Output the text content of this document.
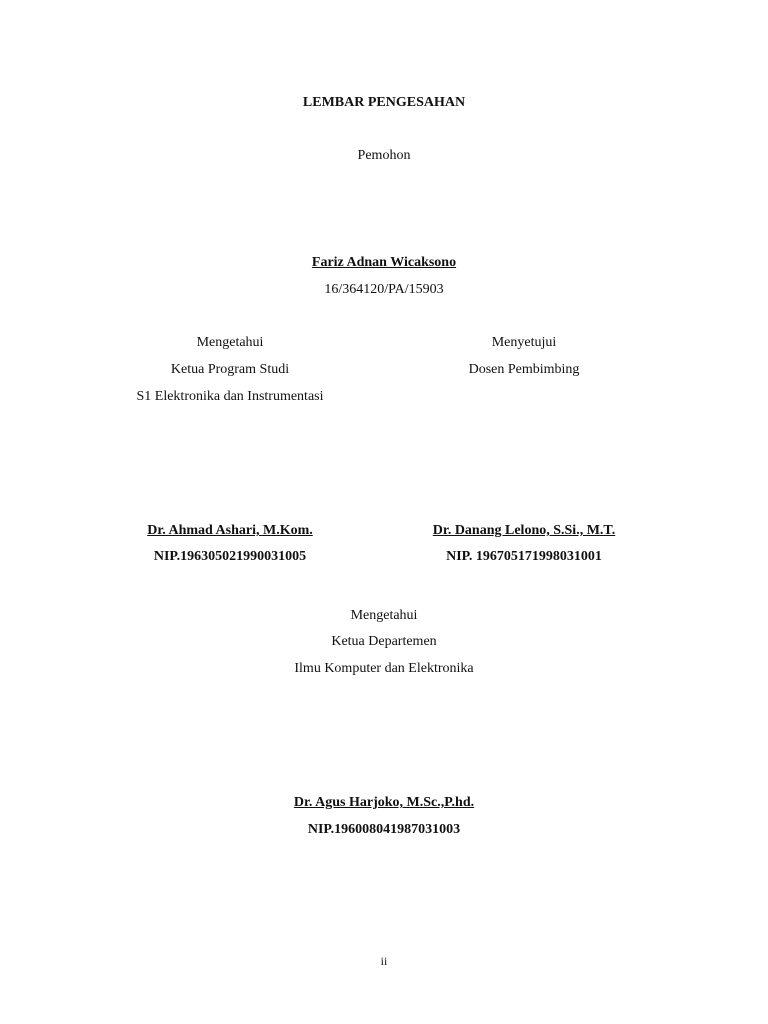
LEMBAR PENGESAHAN
Pemohon
Fariz Adnan Wicaksono
16/364120/PA/15903
Mengetahui
Ketua Program Studi
S1 Elektronika dan Instrumentasi
Dr. Ahmad Ashari, M.Kom.
NIP.196305021990031005
Menyetujui
Dosen Pembimbing
Dr. Danang Lelono, S.Si., M.T.
NIP. 196705171998031001
Mengetahui
Ketua Departemen
Ilmu Komputer dan Elektronika
Dr. Agus Harjoko, M.Sc.,P.hd.
NIP.196008041987031003
ii
